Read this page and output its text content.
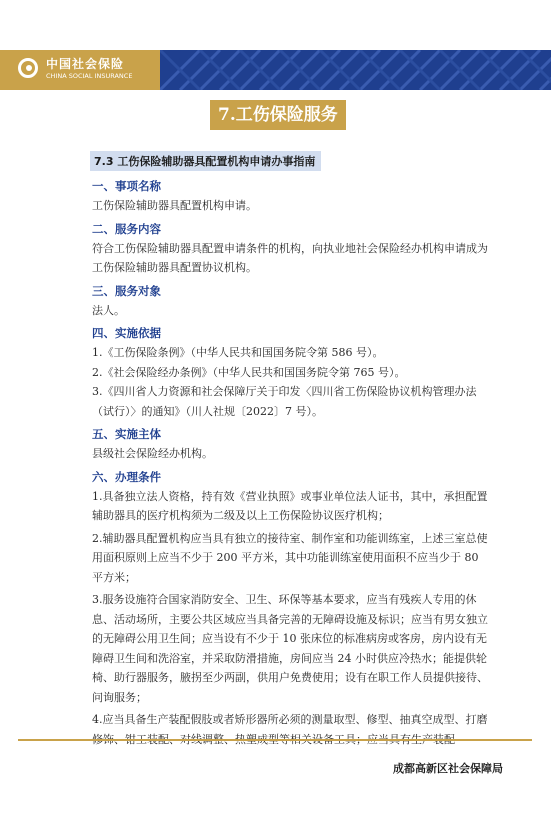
中国社会保险
CHINA SOCIAL INSURANCE
7.工伤保险服务
7.3 工伤保险辅助器具配置机构申请办事指南

一、事项名称

工伤保险辅助器具配置机构申请。

二、服务内容

符合工伤保险辅助器具配置申请条件的机构，向执业地社会保险经办机构申请成为工伤保险辅助器具配置协议机构。

三、服务对象

法人。

四、实施依据

1.《工伤保险条例》（中华人民共和国国务院令第 586 号）。

2.《社会保险经办条例》（中华人民共和国国务院令第 765 号）。

3.《四川省人力资源和社会保障厅关于印发〈四川省工伤保险协议机构管理办法（试行）〉的通知》（川人社规〔2022〕7 号）。

五、实施主体

县级社会保险经办机构。

六、办理条件

1.具备独立法人资格，持有效《营业执照》或事业单位法人证书，其中，承担配置辅助器具的医疗机构须为二级及以上工伤保险协议医疗机构；

2.辅助器具配置机构应当具有独立的接待室、制作室和功能训练室，上述三室总使用面积原则上应当不少于 200 平方米，其中功能训练室使用面积不应当少于 80 平方米；

3.服务设施符合国家消防安全、卫生、环保等基本要求，应当有残疾人专用的休息、活动场所，主要公共区域应当具备完善的无障碍设施及标识；应当有男女独立的无障碍公用卫生间；应当设有不少于 10 张床位的标准病房或客房，房内设有无障碍卫生间和洗浴室，并采取防滑措施，房间应当 24 小时供应冷热水；能提供轮椅、助行器服务，腋拐至少两副，供用户免费使用；设有在职工作人员提供接待、问询服务；

4.应当具备生产装配假肢或者矫形器所必须的测量取型、修型、抽真空成型、打磨

成都高新区社会保障局
